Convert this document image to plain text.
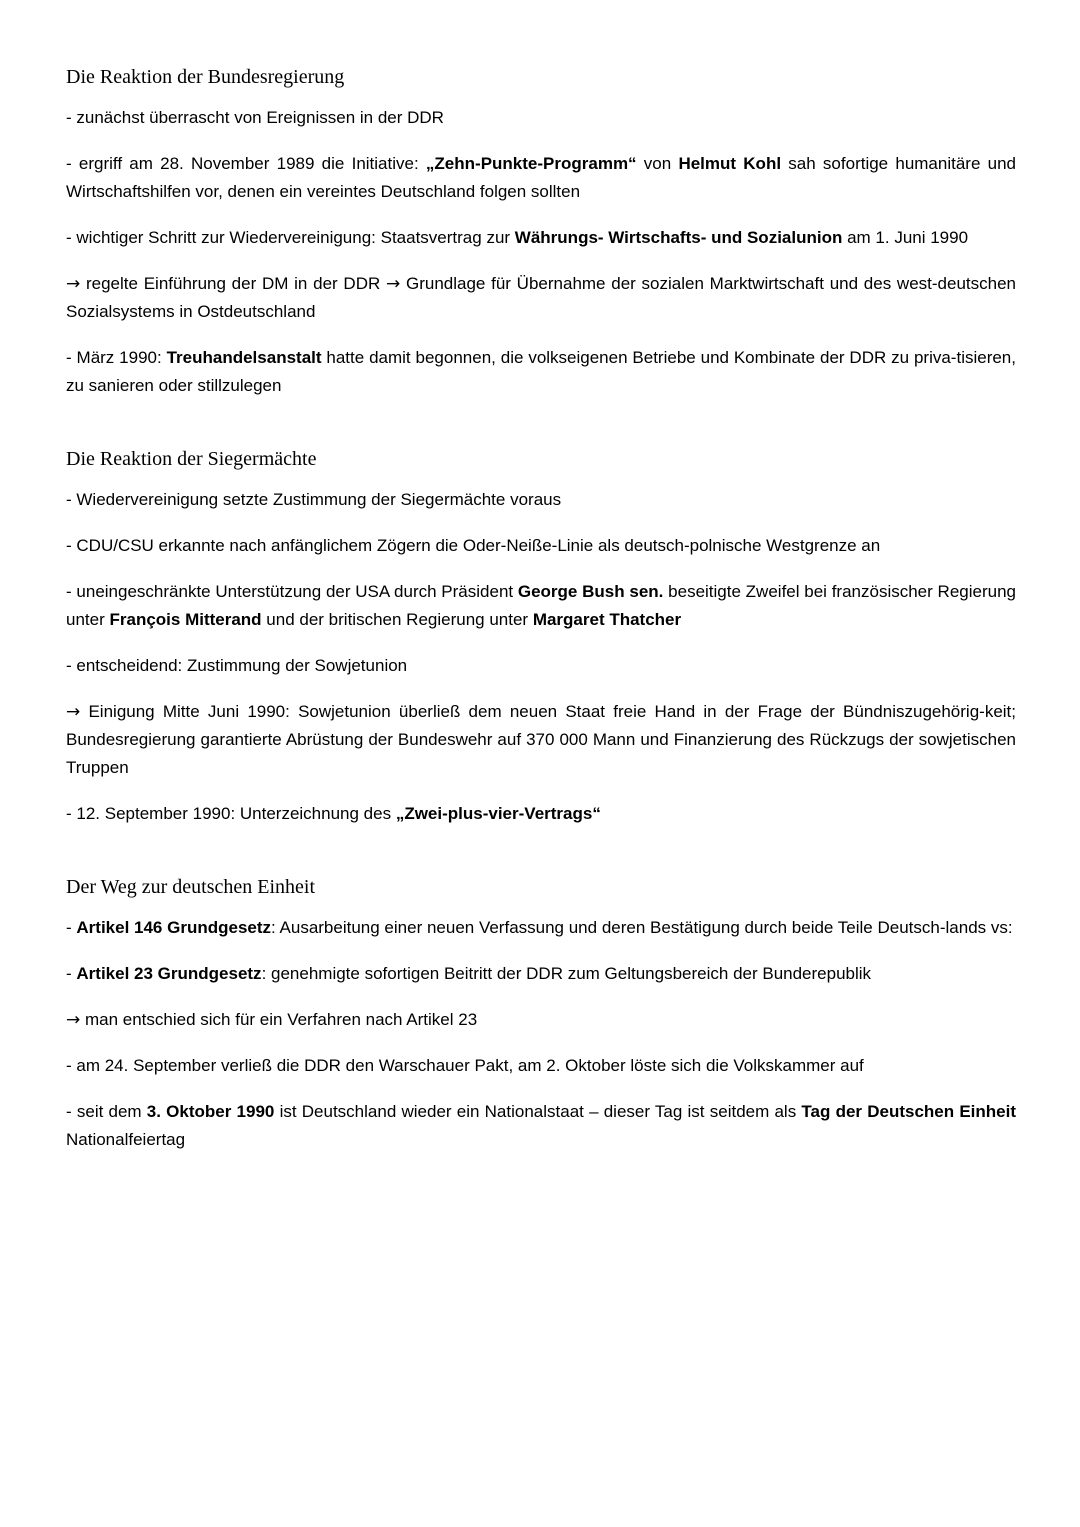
Die Reaktion der Bundesregierung

- zunächst überrascht von Ereignissen in der DDR

- ergriff am 28. November 1989 die Initiative: „Zehn-Punkte-Programm“ von Helmut Kohl sah sofortige humanitäre und Wirtschaftshilfen vor, denen ein vereintes Deutschland folgen sollten

- wichtiger Schritt zur Wiedervereinigung: Staatsvertrag zur Währungs- Wirtschafts- und Sozialunion am 1. Juni 1990

→ regelte Einführung der DM in der DDR → Grundlage für Übernahme der sozialen Marktwirtschaft und des west-deutschen Sozialsystems in Ostdeutschland

- März 1990: Treuhandelsanstalt hatte damit begonnen, die volkseigenen Betriebe und Kombinate der DDR zu priva-tisieren, zu sanieren oder stillzulegen

Die Reaktion der Siegermächte

- Wiedervereinigung setzte Zustimmung der Siegermächte voraus

- CDU/CSU erkannte nach anfänglichem Zögern die Oder-Neiße-Linie als deutsch-polnische Westgrenze an

- uneingeschränkte Unterstützung der USA durch Präsident George Bush sen. beseitigte Zweifel bei französischer Regierung unter François Mitterand und der britischen Regierung unter Margaret Thatcher

- entscheidend: Zustimmung der Sowjetunion

→ Einigung Mitte Juni 1990: Sowjetunion überließ dem neuen Staat freie Hand in der Frage der Bündniszugehörig-keit; Bundesregierung garantierte Abrüstung der Bundeswehr auf 370 000 Mann und Finanzierung des Rückzugs der sowjetischen Truppen

- 12. September 1990: Unterzeichnung des „Zwei-plus-vier-Vertrags“

Der Weg zur deutschen Einheit

- Artikel 146 Grundgesetz: Ausarbeitung einer neuen Verfassung und deren Bestätigung durch beide Teile Deutsch-lands vs:

- Artikel 23 Grundgesetz: genehmigte sofortigen Beitritt der DDR zum Geltungsbereich der Bunderepublik

→ man entschied sich für ein Verfahren nach Artikel 23

- am 24. September verließ die DDR den Warschauer Pakt, am 2. Oktober löste sich die Volkskammer auf

- seit dem 3. Oktober 1990 ist Deutschland wieder ein Nationalstaat – dieser Tag ist seitdem als Tag der Deutschen Einheit Nationalfeiertag
